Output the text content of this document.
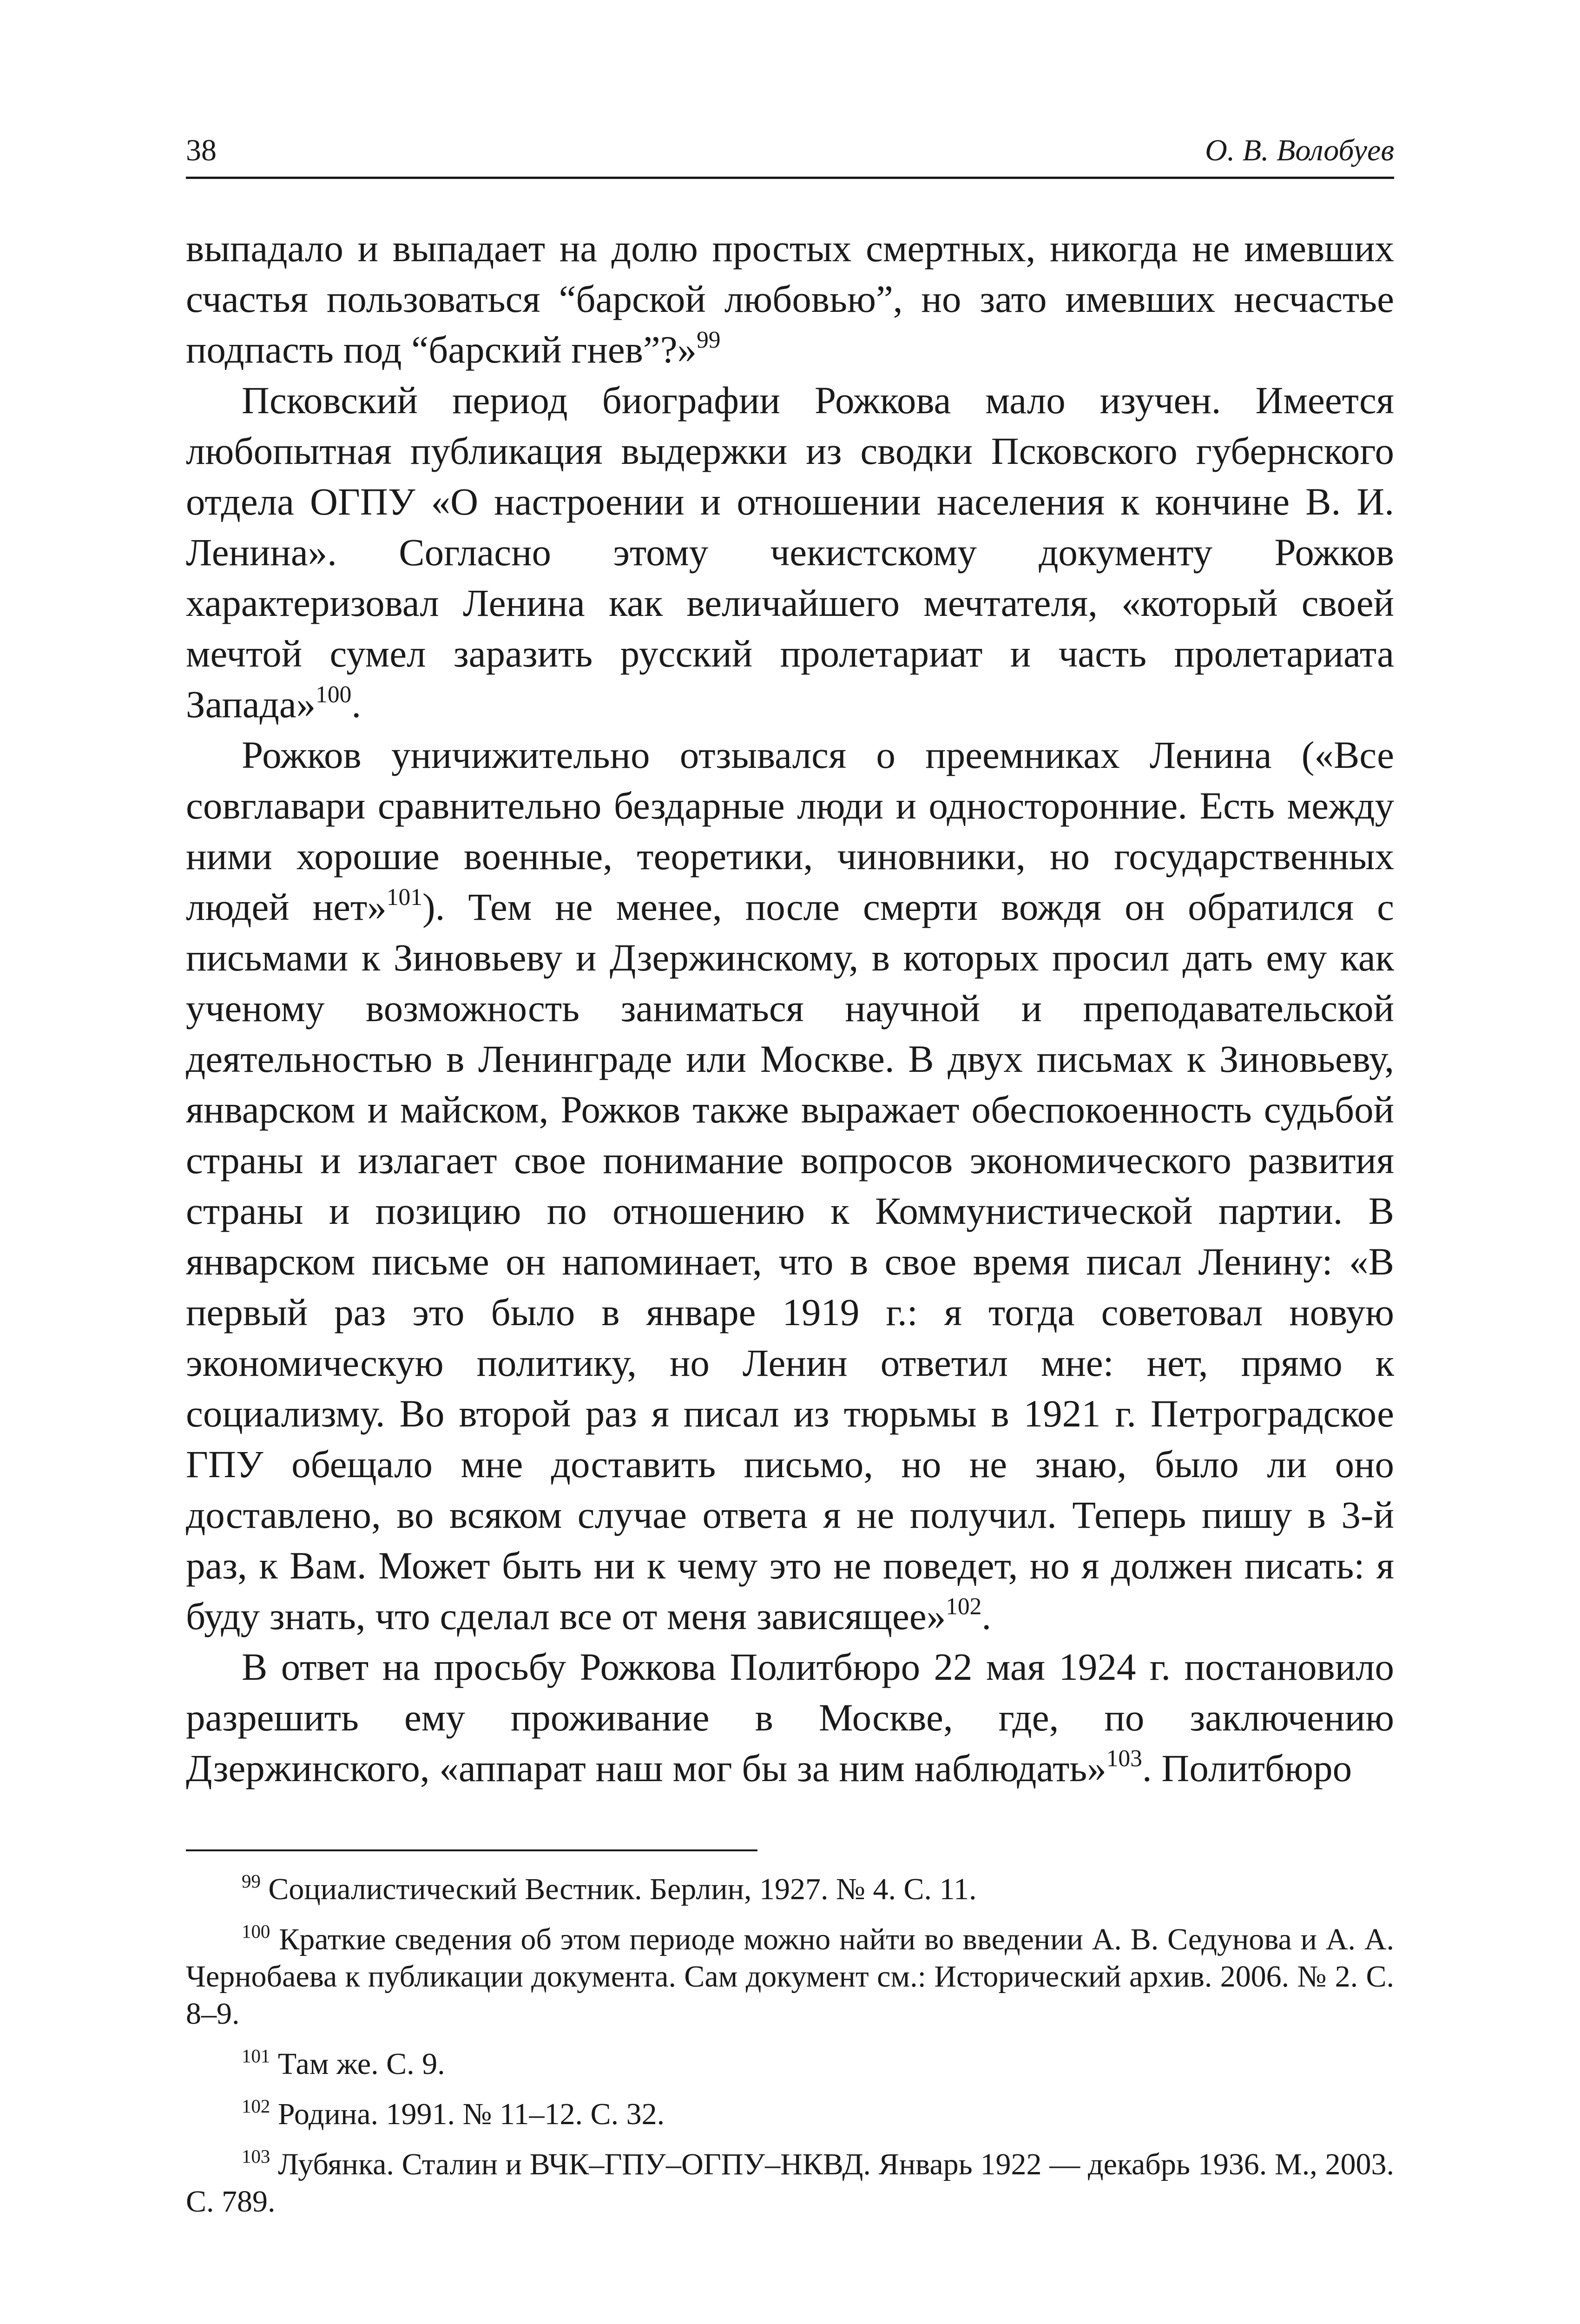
38	О. В. Волобуев

выпадало и выпадает на долю простых смертных, никогда не имевших счастья пользоваться “барской любовью”, но зато имевших несчастье подпасть под “барский гнев”?»$^{99}$

Псковский период биографии Рожкова мало изучен. Имеется любопытная публикация выдержки из сводки Псковского губернского отдела ОГПУ «О настроении и отношении населения к кончине В. И. Ленина». Согласно этому чекистскому документу Рожков характеризовал Ленина как величайшего мечтателя, «который своей мечтой сумел заразить русский пролетариат и часть пролетариата Запада»$^{100}$.

Рожков уничижительно отзывался о преемниках Ленина («Все совглавари сравнительно бездарные люди и односторонние. Есть между ними хорошие военные, теоретики, чиновники, но государственных людей нет»$^{101}$). Тем не менее, после смерти вождя он обратился с письмами к Зиновьеву и Дзержинскому, в которых просил дать ему как ученому возможность заниматься научной и преподавательской деятельностью в Ленинграде или Москве. В двух письмах к Зиновьеву, январском и майском, Рожков также выражает обеспокоенность судьбой страны и излагает свое понимание вопросов экономического развития страны и позицию по отношению к Коммунистической партии. В январском письме он напоминает, что в свое время писал Ленину: «В первый раз это было в январе 1919 г.: я тогда советовал новую экономическую политику, но Ленин ответил мне: нет, прямо к социализму. Во второй раз я писал из тюрьмы в 1921 г. Петроградское ГПУ обещало мне доставить письмо, но не знаю, было ли оно доставлено, во всяком случае ответа я не получил. Теперь пишу в 3-й раз, к Вам. Может быть ни к чему это не поведет, но я должен писать: я буду знать, что сделал все от меня зависящее»$^{102}$.

В ответ на просьбу Рожкова Политбюро 22 мая 1924 г. постановило разрешить ему проживание в Москве, где, по заключению Дзержинского, «аппарат наш мог бы за ним наблюдать»$^{103}$. Политбюро

$^{99}$ Социалистический Вестник. Берлин, 1927. № 4. С. 11.

$^{100}$ Краткие сведения об этом периоде можно найти во введении А. В. Седунова и А. А. Чернобаева к публикации документа. Сам документ см.: Исторический архив. 2006. № 2. С. 8–9.

$^{101}$ Там же. С. 9.

$^{102}$ Родина. 1991. № 11–12. С. 32.

$^{103}$ Лубянка. Сталин и ВЧК–ГПУ–ОГПУ–НКВД. Январь 1922 — декабрь 1936. М., 2003. С. 789.
